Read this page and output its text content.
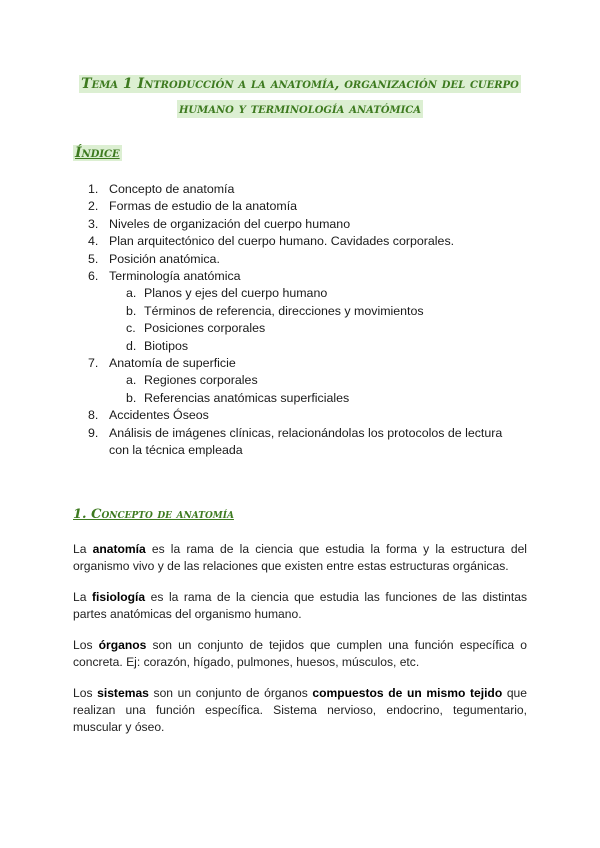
Tema 1 Introducción a la anatomía, organización del cuerpo
humano y terminología anatómica
Índice
1. Concepto de anatomía
2. Formas de estudio de la anatomía
3. Niveles de organización del cuerpo humano
4. Plan arquitectónico del cuerpo humano. Cavidades corporales.
5. Posición anatómica.
6. Terminología anatómica
a. Planos y ejes del cuerpo humano
b. Términos de referencia, direcciones y movimientos
c. Posiciones corporales
d. Biotipos
7. Anatomía de superficie
a. Regiones corporales
b. Referencias anatómicas superficiales
8. Accidentes Óseos
9. Análisis de imágenes clínicas, relacionándolas los protocolos de lectura
con la técnica empleada
1. Concepto de anatomía

La anatomía es la rama de la ciencia que estudia la forma y la estructura del organismo vivo y de las relaciones que existen entre estas estructuras orgánicas.

La fisiología es la rama de la ciencia que estudia las funciones de las distintas partes anatómicas del organismo humano.

Los órganos son un conjunto de tejidos que cumplen una función específica o concreta. Ej: corazón, hígado, pulmones, huesos, músculos, etc.

Los sistemas son un conjunto de órganos compuestos de un mismo tejido que realizan una función específica. Sistema nervioso, endocrino, tegumentario, muscular y óseo.
